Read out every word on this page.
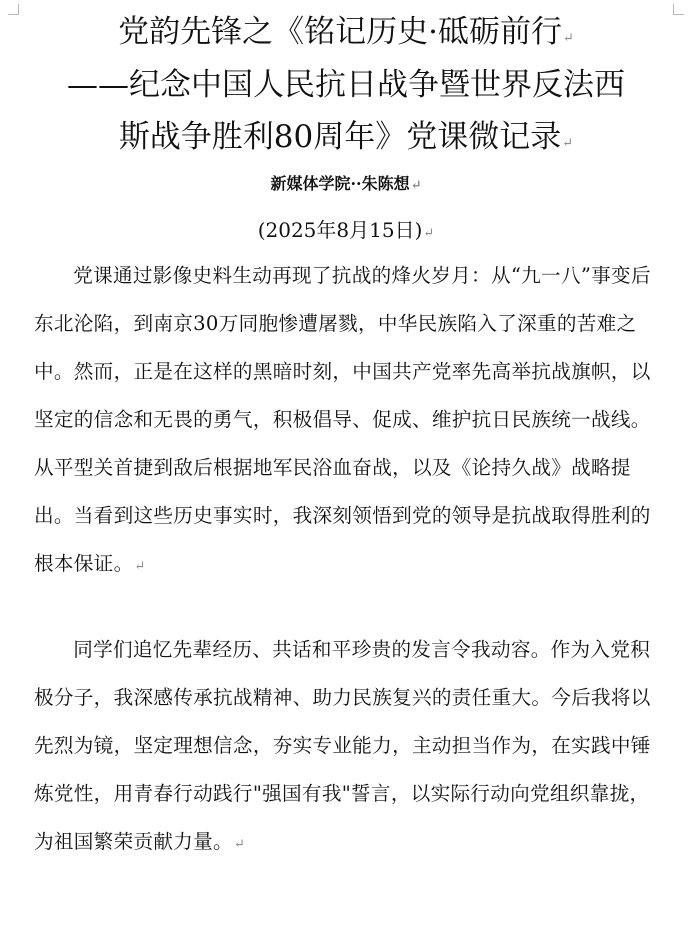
党韵先锋之《铭记历史·砥砺前行↵
——纪念中国人民抗日战争暨世界反法西
斯战争胜利80周年》党课微记录↵
新媒体学院··朱陈想↵
(2025年8月15日)↵

党课通过影像史料生动再现了抗战的烽火岁月：从“九一八”事变后东北沦陷，到南京30万同胞惨遭屠戮，中华民族陷入了深重的苦难之中。然而，正是在这样的黑暗时刻，中国共产党率先高举抗战旗帜，以坚定的信念和无畏的勇气，积极倡导、促成、维护抗日民族统一战线。从平型关首捷到敌后根据地军民浴血奋战，以及《论持久战》战略提出。当看到这些历史事实时，我深刻领悟到党的领导是抗战取得胜利的根本保证。↵

同学们追忆先辈经历、共话和平珍贵的发言令我动容。作为入党积极分子，我深感传承抗战精神、助力民族复兴的责任重大。今后我将以先烈为镜，坚定理想信念，夯实专业能力，主动担当作为，在实践中锤炼党性，用青春行动践行"强国有我"誓言，以实际行动向党组织靠拢，为祖国繁荣贡献力量。↵
